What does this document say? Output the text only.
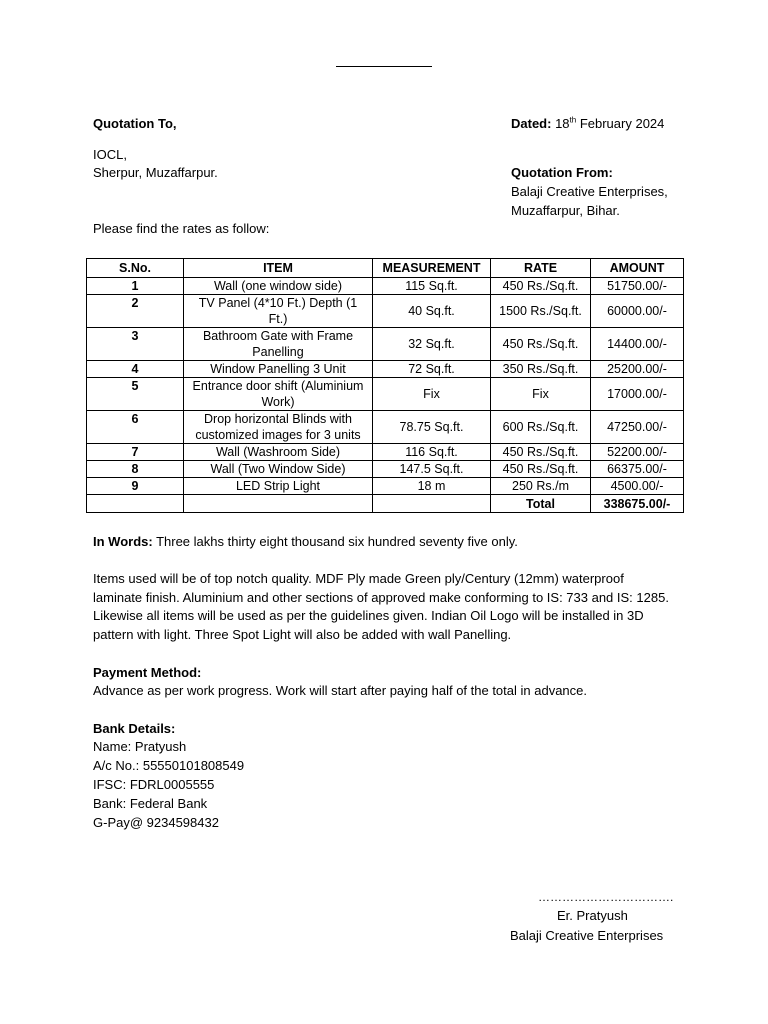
Quotation To,	Dated: 18th February 2024
IOCL,
Sherpur, Muzaffarpur.	Quotation From:
Balaji Creative Enterprises,
Muzaffarpur, Bihar.
Please find the rates as follow:
S.No.	ITEM	MEASUREMENT	RATE	AMOUNT
1	Wall (one window side)	115 Sq.ft.	450 Rs./Sq.ft.	51750.00/-
2	TV Panel (4*10 Ft.) Depth (1 Ft.)	40 Sq.ft.	1500 Rs./Sq.ft.	60000.00/-
3	Bathroom Gate with Frame Panelling	32 Sq.ft.	450 Rs./Sq.ft.	14400.00/-
4	Window Panelling 3 Unit	72 Sq.ft.	350 Rs./Sq.ft.	25200.00/-
5	Entrance door shift (Aluminium Work)	Fix	Fix	17000.00/-
6	Drop horizontal Blinds with customized images for 3 units	78.75 Sq.ft.	600 Rs./Sq.ft.	47250.00/-
7	Wall (Washroom Side)	116 Sq.ft.	450 Rs./Sq.ft.	52200.00/-
8	Wall (Two Window Side)	147.5 Sq.ft.	450 Rs./Sq.ft.	66375.00/-
9	LED Strip Light	18 m	250 Rs./m	4500.00/-
			Total	338675.00/-
In Words: Three lakhs thirty eight thousand six hundred seventy five only.
Items used will be of top notch quality. MDF Ply made Green ply/Century (12mm) waterproof
laminate finish. Aluminium and other sections of approved make conforming to IS: 733 and IS: 1285.
Likewise all items will be used as per the guidelines given. Indian Oil Logo will be installed in 3D
pattern with light. Three Spot Light will also be added with wall Panelling.
Payment Method:
Advance as per work progress. Work will start after paying half of the total in advance.
Bank Details:
Name: Pratyush
A/c No.: 55550101808549
IFSC: FDRL0005555
Bank: Federal Bank
G-Pay@ 9234598432
…………………………….
Er. Pratyush
Balaji Creative Enterprises
